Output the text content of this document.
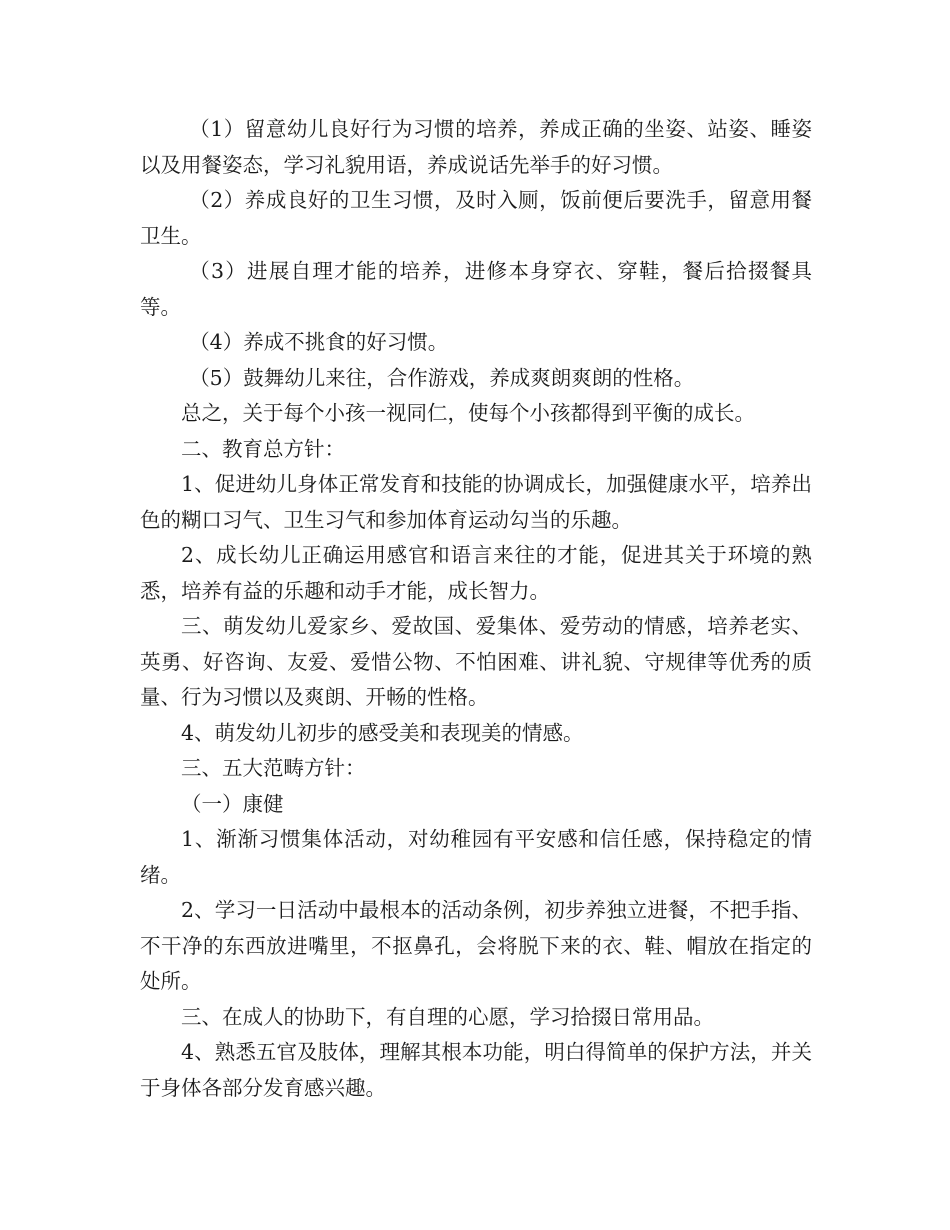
（1）留意幼儿良好行为习惯的培养，养成正确的坐姿、站姿、睡姿以及用餐姿态，学习礼貌用语，养成说话先举手的好习惯。

（2）养成良好的卫生习惯，及时入厕，饭前便后要洗手，留意用餐卫生。

（3）进展自理才能的培养，进修本身穿衣、穿鞋，餐后拾掇餐具等。

（4）养成不挑食的好习惯。

（5）鼓舞幼儿来往，合作游戏，养成爽朗爽朗的性格。

总之，关于每个小孩一视同仁，使每个小孩都得到平衡的成长。

二、教育总方针：

1、促进幼儿身体正常发育和技能的协调成长，加强健康水平，培养出色的糊口习气、卫生习气和参加体育运动勾当的乐趣。

2、成长幼儿正确运用感官和语言来往的才能，促进其关于环境的熟悉，培养有益的乐趣和动手才能，成长智力。

三、萌发幼儿爱家乡、爱故国、爱集体、爱劳动的情感，培养老实、英勇、好咨询、友爱、爱惜公物、不怕困难、讲礼貌、守规律等优秀的质量、行为习惯以及爽朗、开畅的性格。

4、萌发幼儿初步的感受美和表现美的情感。

三、五大范畴方针：

（一）康健

1、渐渐习惯集体活动，对幼稚园有平安感和信任感，保持稳定的情绪。

2、学习一日活动中最根本的活动条例，初步养独立进餐，不把手指、不干净的东西放进嘴里，不抠鼻孔，会将脱下来的衣、鞋、帽放在指定的处所。

三、在成人的协助下，有自理的心愿，学习拾掇日常用品。

4、熟悉五官及肢体，理解其根本功能，明白得简单的保护方法，并关于身体各部分发育感兴趣。
